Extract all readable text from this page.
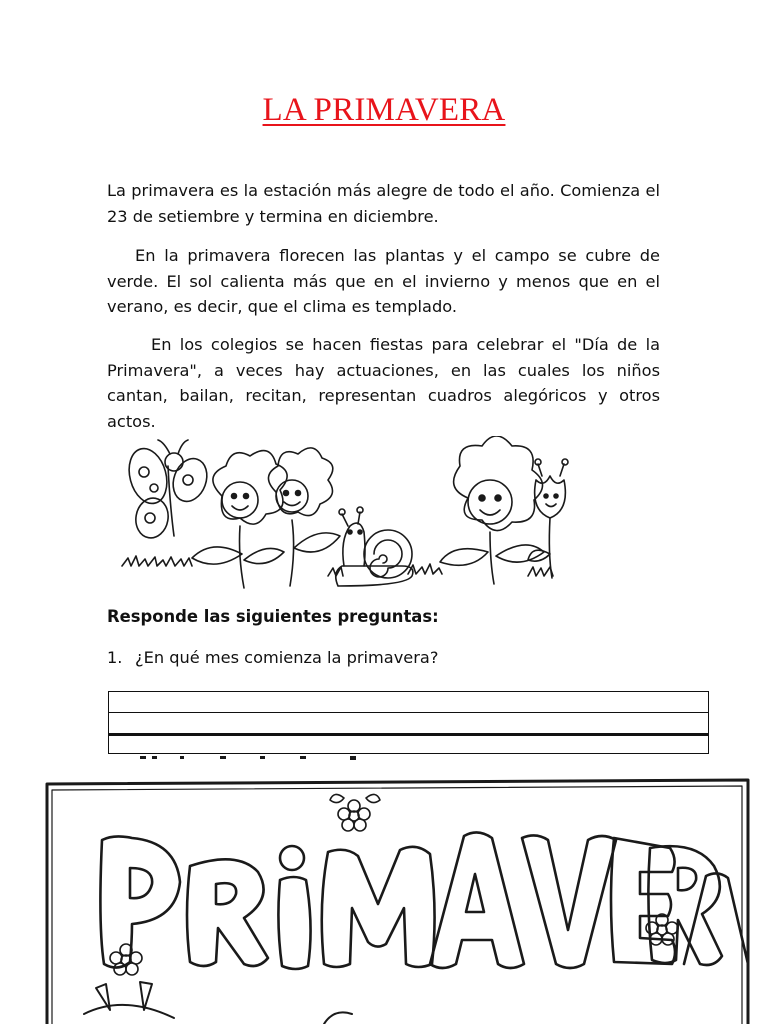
LA PRIMAVERA

La primavera es la estación más alegre de todo el año. Comienza el 23 de setiembre y termina en diciembre.

En la primavera florecen las plantas y el campo se cubre de verde. El sol calienta más que en el invierno y menos que en el verano, es decir, que el clima es templado.

En los colegios se hacen fiestas para celebrar el "Día de la Primavera", a veces hay actuaciones, en las cuales los niños cantan, bailan, recitan, representan cuadros alegóricos y otros actos.

Responde las siguientes preguntas:
1. ¿En qué mes comienza la primavera?
